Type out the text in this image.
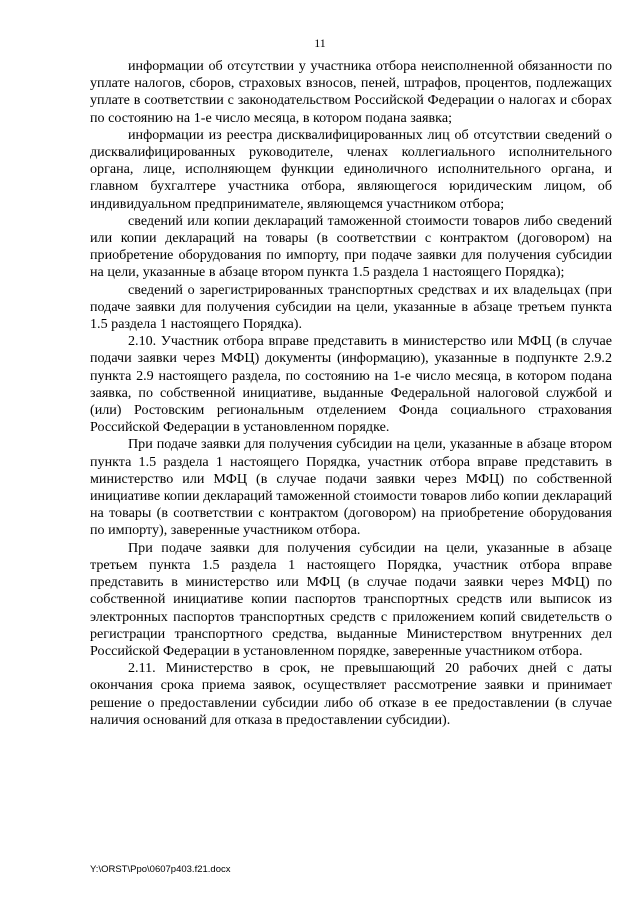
11

информации об отсутствии у участника отбора неисполненной обязанности по уплате налогов, сборов, страховых взносов, пеней, штрафов, процентов, подлежащих уплате в соответствии с законодательством Российской Федерации о налогах и сборах по состоянию на 1-е число месяца, в котором подана заявка;

информации из реестра дисквалифицированных лиц об отсутствии сведений о дисквалифицированных руководителе, членах коллегиального исполнительного органа, лице, исполняющем функции единоличного исполнительного органа, и главном бухгалтере участника отбора, являющегося юридическим лицом, об индивидуальном предпринимателе, являющемся участником отбора;

сведений или копии деклараций таможенной стоимости товаров либо сведений или копии деклараций на товары (в соответствии с контрактом (договором) на приобретение оборудования по импорту, при подаче заявки для получения субсидии на цели, указанные в абзаце втором пункта 1.5 раздела 1 настоящего Порядка);

сведений о зарегистрированных транспортных средствах и их владельцах (при подаче заявки для получения субсидии на цели, указанные в абзаце третьем пункта 1.5 раздела 1 настоящего Порядка).

2.10. Участник отбора вправе представить в министерство или МФЦ (в случае подачи заявки через МФЦ) документы (информацию), указанные в подпункте 2.9.2 пункта 2.9 настоящего раздела, по состоянию на 1-е число месяца, в котором подана заявка, по собственной инициативе, выданные Федеральной налоговой службой и (или) Ростовским региональным отделением Фонда социального страхования Российской Федерации в установленном порядке.

При подаче заявки для получения субсидии на цели, указанные в абзаце втором пункта 1.5 раздела 1 настоящего Порядка, участник отбора вправе представить в министерство или МФЦ (в случае подачи заявки через МФЦ) по собственной инициативе копии деклараций таможенной стоимости товаров либо копии деклараций на товары (в соответствии с контрактом (договором) на приобретение оборудования по импорту), заверенные участником отбора.

При подаче заявки для получения субсидии на цели, указанные в абзаце третьем пункта 1.5 раздела 1 настоящего Порядка, участник отбора вправе представить в министерство или МФЦ (в случае подачи заявки через МФЦ) по собственной инициативе копии паспортов транспортных средств или выписок из электронных паспортов транспортных средств с приложением копий свидетельств о регистрации транспортного средства, выданные Министерством внутренних дел Российской Федерации в установленном порядке, заверенные участником отбора.

2.11. Министерство в срок, не превышающий 20 рабочих дней с даты окончания срока приема заявок, осуществляет рассмотрение заявки и принимает решение о предоставлении субсидии либо об отказе в ее предоставлении (в случае наличия оснований для отказа в предоставлении субсидии).

Y:\ORST\Ppo\0607p403.f21.docx
